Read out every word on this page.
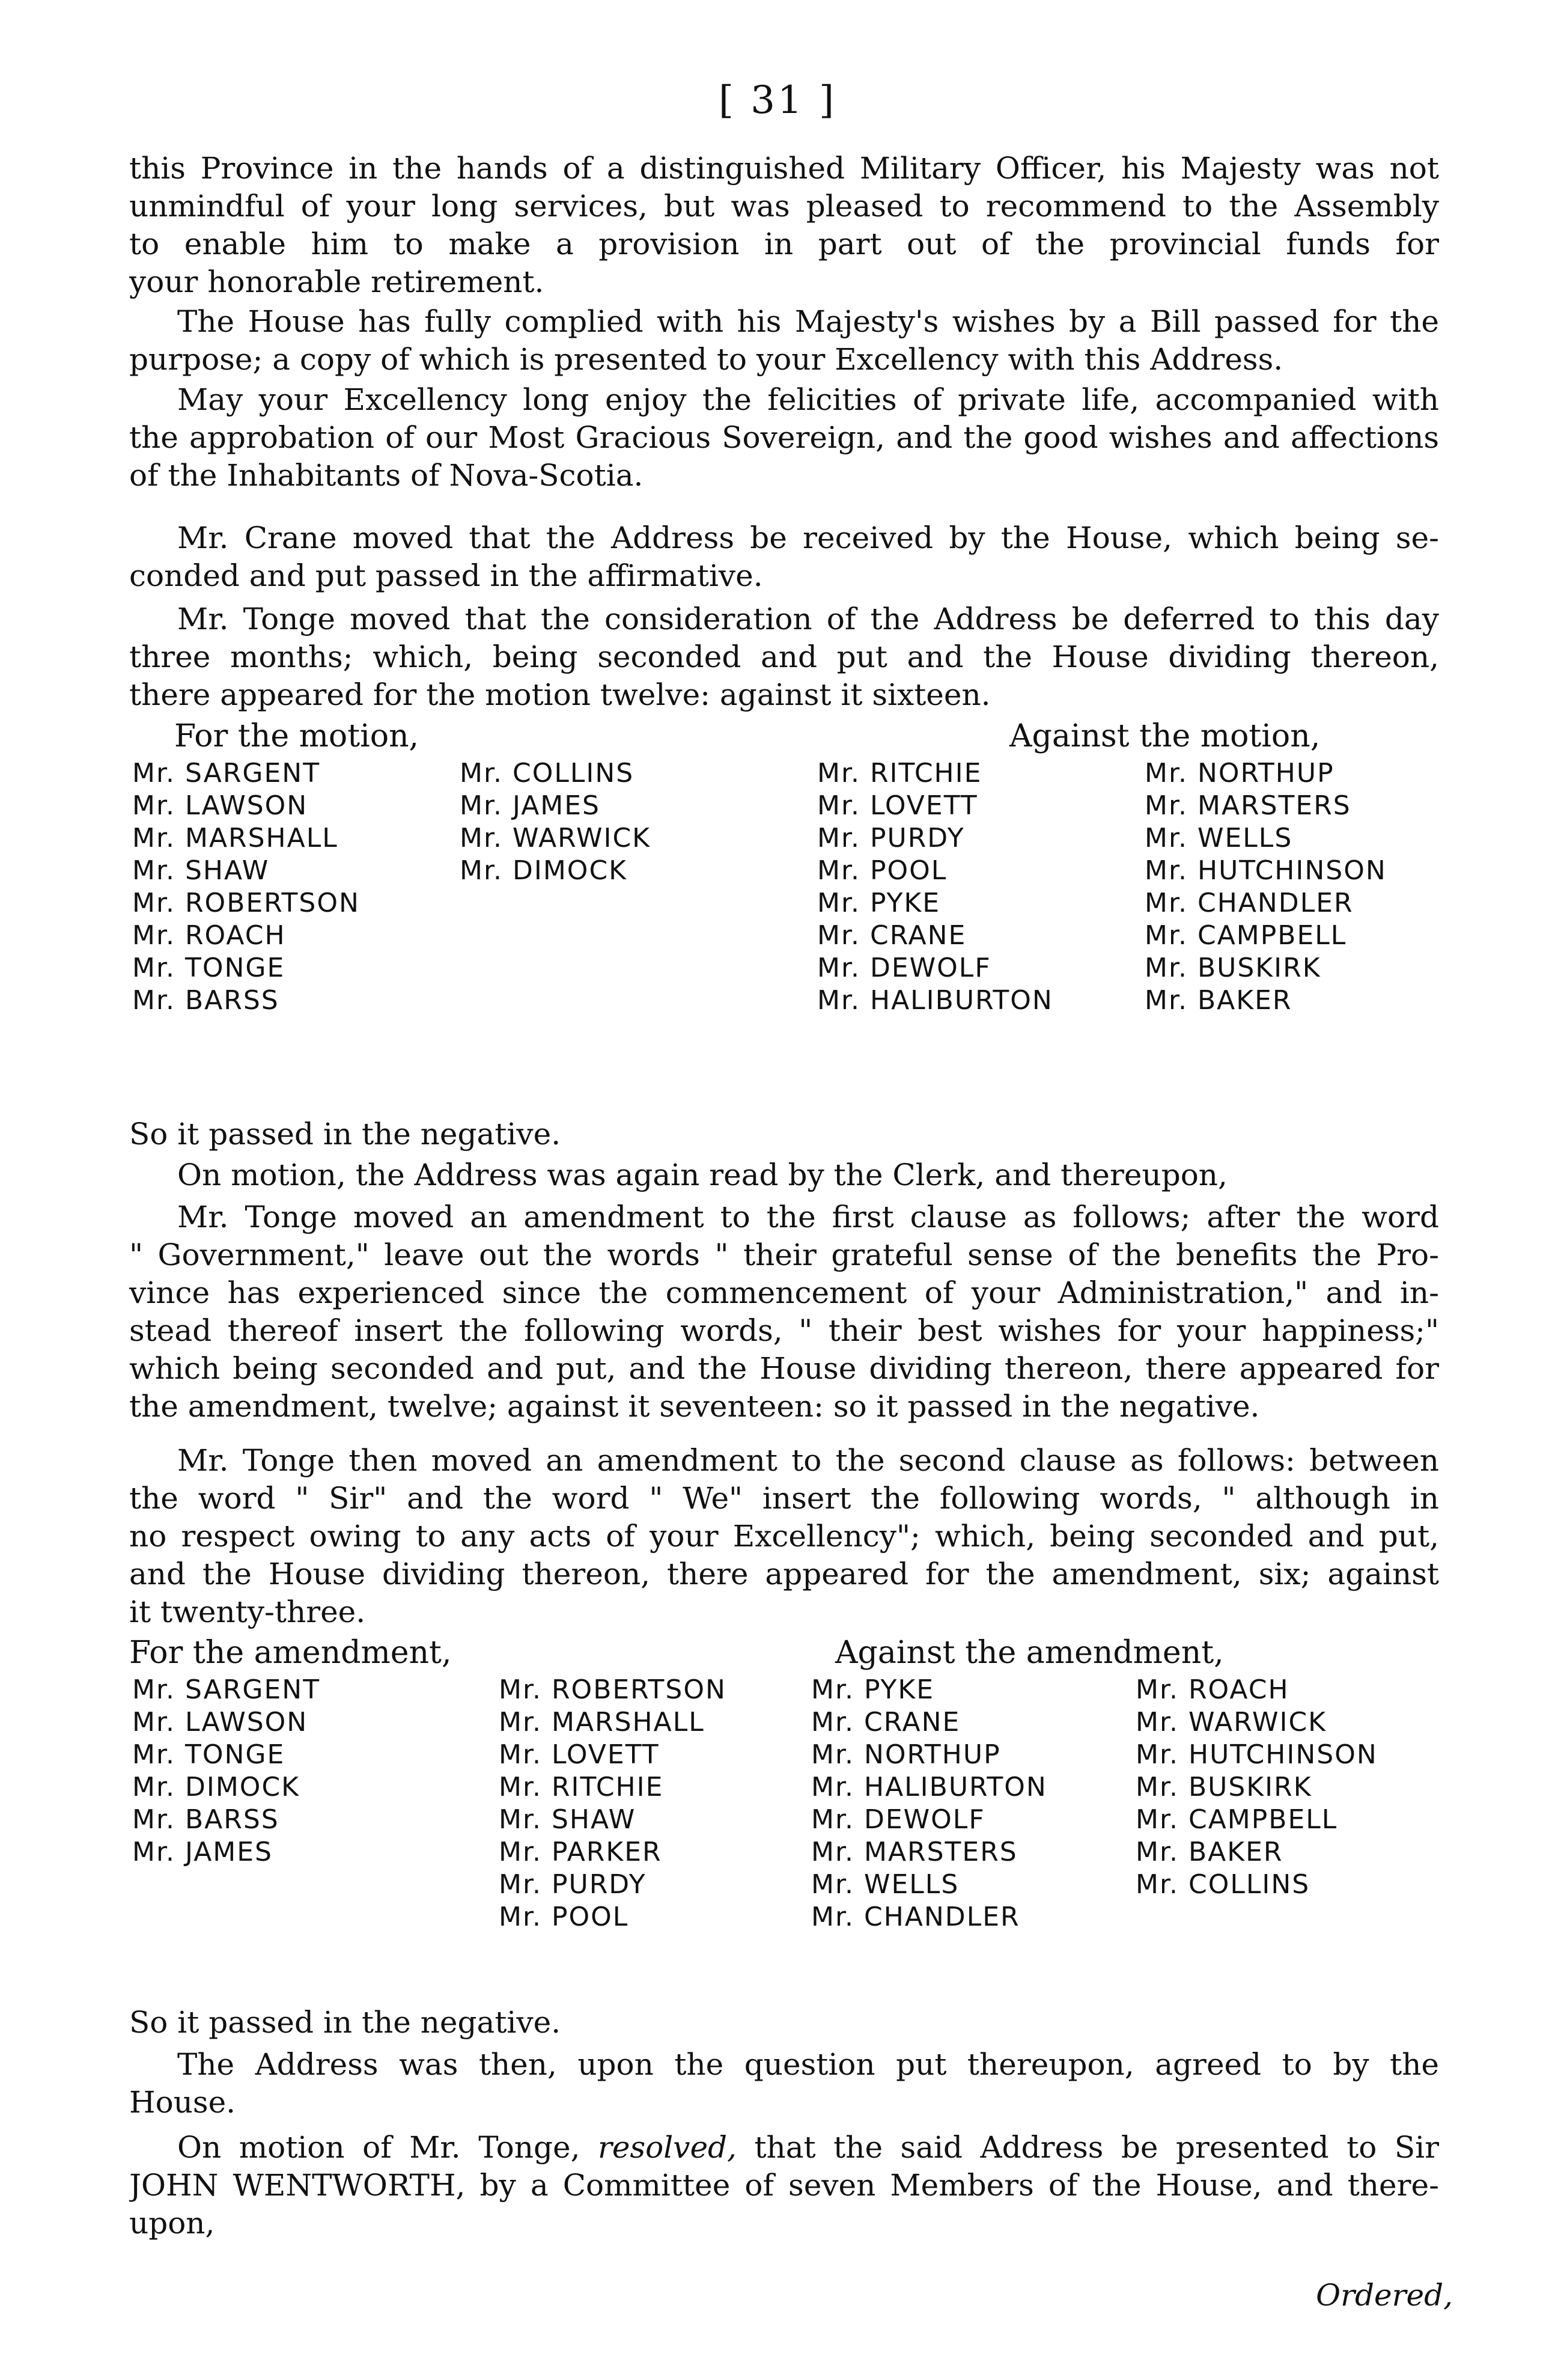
[ 31 ]
this Province in the hands of a distinguished Military Officer, his Majesty was not
unmindful of your long services, but was pleased to recommend to the Assembly
to enable him to make a provision in part out of the provincial funds for
your honorable retirement.
The House has fully complied with his Majesty's wishes by a Bill passed for the
purpose; a copy of which is presented to your Excellency with this Address.
May your Excellency long enjoy the felicities of private life, accompanied with
the approbation of our Most Gracious Sovereign, and the good wishes and affections
of the Inhabitants of Nova-Scotia.
Mr. Crane moved that the Address be received by the House, which being se-
conded and put passed in the affirmative.
Mr. Tonge moved that the consideration of the Address be deferred to this day
three months; which, being seconded and put and the House dividing thereon,
there appeared for the motion twelve: against it sixteen.
For the motion,	Against the motion,
Mr. SARGENT
Mr. LAWSON
Mr. MARSHALL
Mr. SHAW
Mr. ROBERTSON
Mr. ROACH
Mr. TONGE
Mr. BARSS
Mr. COLLINS
Mr. JAMES
Mr. WARWICK
Mr. DIMOCK
Mr. RITCHIE
Mr. LOVETT
Mr. PURDY
Mr. POOL
Mr. PYKE
Mr. CRANE
Mr. DEWOLF
Mr. HALIBURTON
Mr. NORTHUP
Mr. MARSTERS
Mr. WELLS
Mr. HUTCHINSON
Mr. CHANDLER
Mr. CAMPBELL
Mr. BUSKIRK
Mr. BAKER
So it passed in the negative.
On motion, the Address was again read by the Clerk, and thereupon,
Mr. Tonge moved an amendment to the first clause as follows; after the word
" Government," leave out the words " their grateful sense of the benefits the Pro-
vince has experienced since the commencement of your Administration," and in-
stead thereof insert the following words, " their best wishes for your happiness;"
which being seconded and put, and the House dividing thereon, there appeared for
the amendment, twelve; against it seventeen: so it passed in the negative.
Mr. Tonge then moved an amendment to the second clause as follows: between
the word " Sir" and the word " We" insert the following words, " although in
no respect owing to any acts of your Excellency"; which, being seconded and put,
and the House dividing thereon, there appeared for the amendment, six; against
it twenty-three.
For the amendment,	Against the amendment,
Mr. SARGENT
Mr. LAWSON
Mr. TONGE
Mr. DIMOCK
Mr. BARSS
Mr. JAMES
Mr. ROBERTSON
Mr. MARSHALL
Mr. LOVETT
Mr. RITCHIE
Mr. SHAW
Mr. PARKER
Mr. PURDY
Mr. POOL
Mr. PYKE
Mr. CRANE
Mr. NORTHUP
Mr. HALIBURTON
Mr. DEWOLF
Mr. MARSTERS
Mr. WELLS
Mr. CHANDLER
Mr. ROACH
Mr. WARWICK
Mr. HUTCHINSON
Mr. BUSKIRK
Mr. CAMPBELL
Mr. BAKER
Mr. COLLINS
So it passed in the negative.
The Address was then, upon the question put thereupon, agreed to by the
House.
On motion of Mr. Tonge, resolved, that the said Address be presented to Sir
JOHN WENTWORTH, by a Committee of seven Members of the House, and there-
upon,
Ordered,
